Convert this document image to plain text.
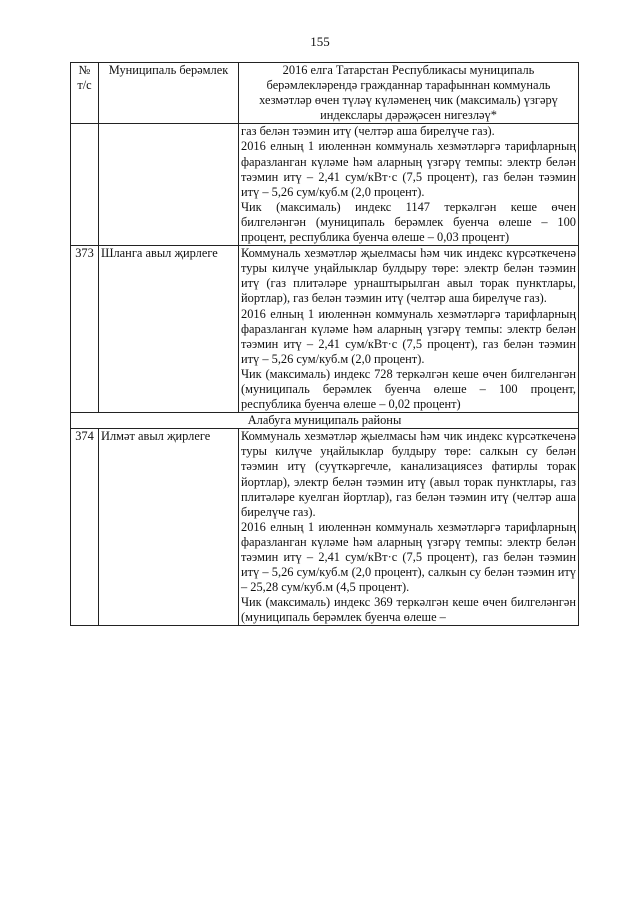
155
№ т/с	Муниципаль берәмлек	2016 елга Татарстан Республикасы муниципаль берәмлекләрендә гражданнар тарафыннан коммуналь хезмәтләр өчен түләү күләменең чик (максималь) үзгәрү индекслары дәрәҗәсен нигезләү*

		газ белән тәэмин итү (челтәр аша бирелүче газ).
2016 елның 1 июленнән коммуналь хезмәтләргә тарифларның фаразланган күләме һәм аларның үзгәрү темпы: электр белән тәэмин итү – 2,41 сум/кВт·с (7,5 процент), газ белән тәэмин итү – 5,26 сум/куб.м (2,0 процент).
Чик (максималь) индекс 1147 теркәлгән кеше өчен билгеләнгән (муниципаль берәмлек буенча өлеше – 100 процент, республика буенча өлеше – 0,03 процент)

373	Шланга авыл җирлеге	Коммуналь хезмәтләр җыелмасы һәм чик индекс күрсәткеченә туры килүче уңайлыклар булдыру төре: электр белән тәэмин итү (газ плитәләре урнаштырылган авыл торак пунктлары, йортлар), газ белән тәэмин итү (челтәр аша бирелүче газ).
2016 елның 1 июленнән коммуналь хезмәтләргә тарифларның фаразланган күләме һәм аларның үзгәрү темпы: электр белән тәэмин итү – 2,41 сум/кВт·с (7,5 процент), газ белән тәэмин итү – 5,26 сум/куб.м (2,0 процент).
Чик (максималь) индекс 728 теркәлгән кеше өчен билгеләнгән (муниципаль берәмлек буенча өлеше – 100 процент, республика буенча өлеше – 0,02 процент)

Алабуга муниципаль районы		
374	Илмәт авыл җирлеге	Коммуналь хезмәтләр җыелмасы һәм чик индекс күрсәткеченә туры килүче уңайлыклар булдыру төре: салкын су белән тәэмин итү (суүткәргечле, канализациясез фатирлы торак йортлар), электр белән тәэмин итү (авыл торак пунктлары, газ плитәләре куелган йортлар), газ белән тәэмин итү (челтәр аша бирелүче газ).
2016 елның 1 июленнән коммуналь хезмәтләргә тарифларның фаразланган күләме һәм аларның үзгәрү темпы: электр белән тәэмин итү – 2,41 сум/кВт·с (7,5 процент), газ белән тәэмин итү – 5,26 сум/куб.м (2,0 процент), салкын су белән тәэмин итү – 25,28 сум/куб.м (4,5 процент).
Чик (максималь) индекс 369 теркәлгән кеше өчен билгеләнгән (муниципаль берәмлек буенча өлеше –
